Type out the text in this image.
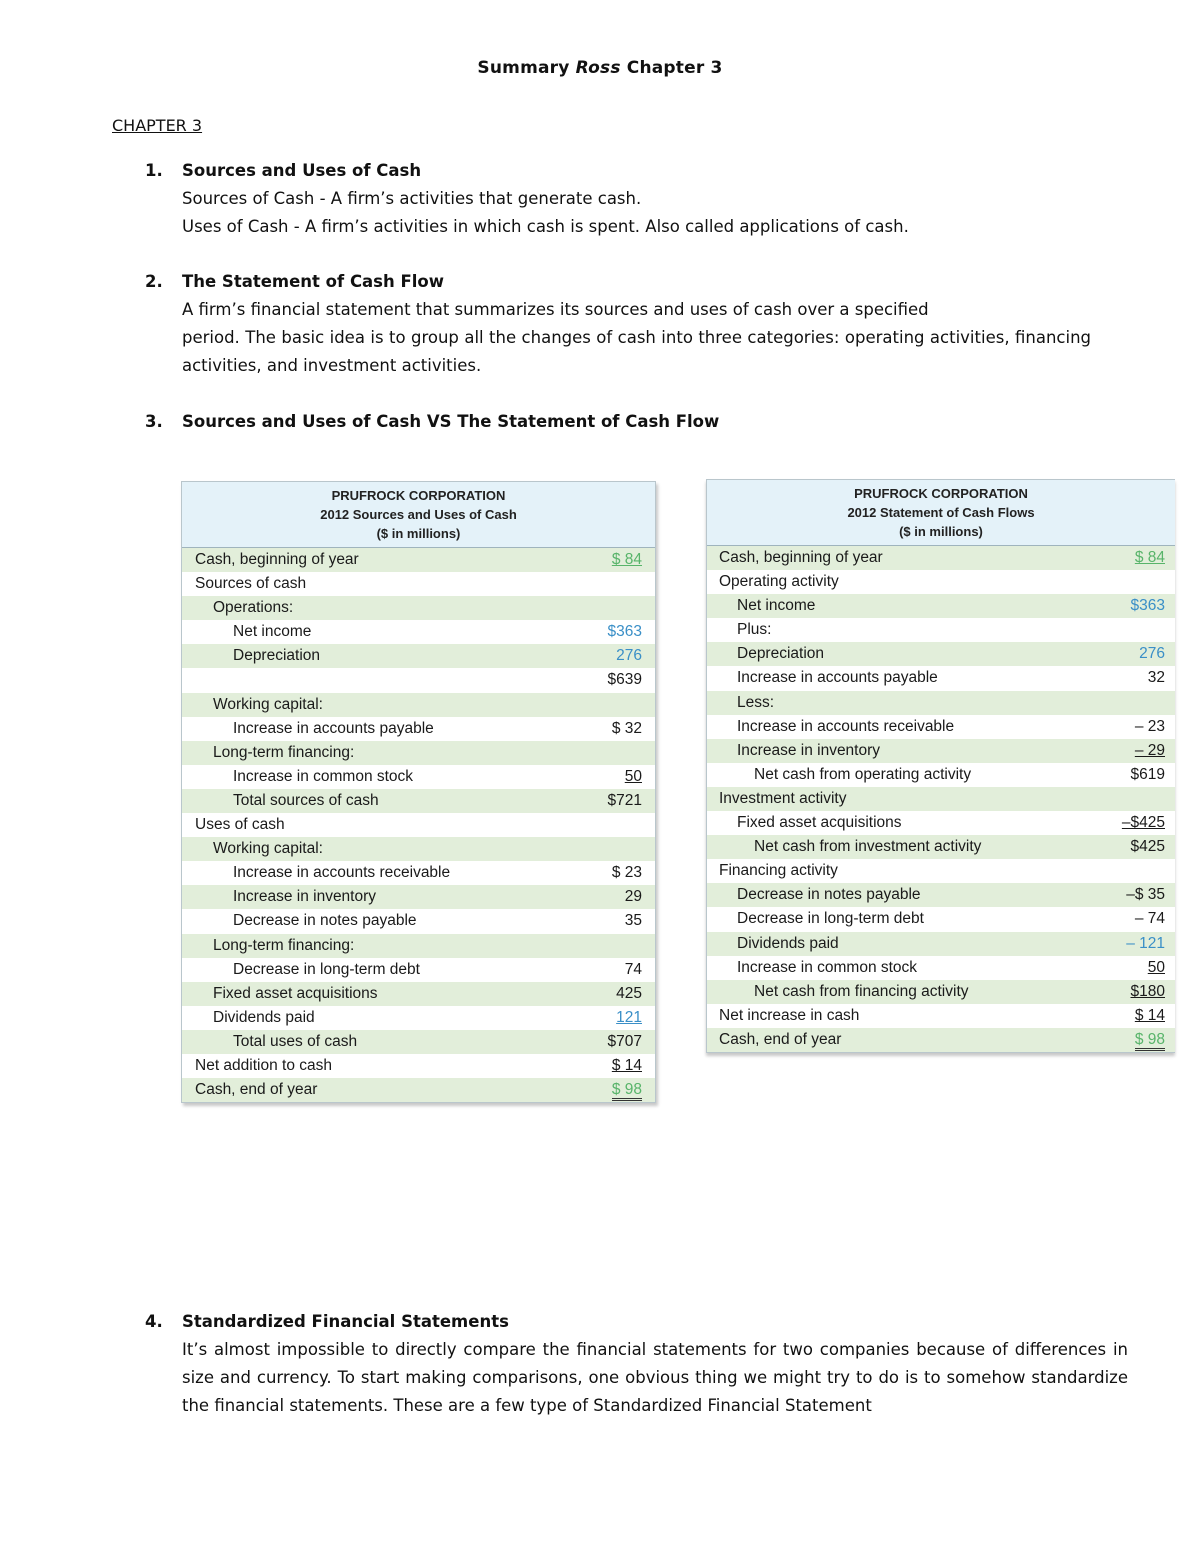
Summary Ross Chapter 3
CHAPTER 3
1. Sources and Uses of Cash
Sources of Cash - A firm’s activities that generate cash.
Uses of Cash - A firm’s activities in which cash is spent. Also called applications of cash.
2. The Statement of Cash Flow
A firm’s financial statement that summarizes its sources and uses of cash over a specified
period. The basic idea is to group all the changes of cash into three categories: operating activities, financing activities, and investment activities.
3. Sources and Uses of Cash VS The Statement of Cash Flow
PRUFROCK CORPORATION
2012 Sources and Uses of Cash
($ in millions)
Cash, beginning of year	$ 84
Sources of cash
Operations:
Net income	$363
Depreciation	276
$639
Working capital:
Increase in accounts payable	$ 32
Long-term financing:
Increase in common stock	50
Total sources of cash	$721
Uses of cash
Working capital:
Increase in accounts receivable	$ 23
Increase in inventory	29
Decrease in notes payable	35
Long-term financing:
Decrease in long-term debt	74
Fixed asset acquisitions	425
Dividends paid	121
Total uses of cash	$707
Net addition to cash	$ 14
Cash, end of year	$ 98
PRUFROCK CORPORATION
2012 Statement of Cash Flows
($ in millions)
Cash, beginning of year	$ 84
Operating activity
Net income	$363
Plus:
Depreciation	276
Increase in accounts payable	32
Less:
Increase in accounts receivable	– 23
Increase in inventory	– 29
Net cash from operating activity	$619
Investment activity
Fixed asset acquisitions	–$425
Net cash from investment activity	$425
Financing activity
Decrease in notes payable	–$ 35
Decrease in long-term debt	– 74
Dividends paid	– 121
Increase in common stock	50
Net cash from financing activity	$180
Net increase in cash	$ 14
Cash, end of year	$ 98
4. Standardized Financial Statements
It’s almost impossible to directly compare the financial statements for two companies because of differences in size and currency. To start making comparisons, one obvious thing we might try to do is to somehow standardize the financial statements. These are a few type of Standardized Financial Statement
